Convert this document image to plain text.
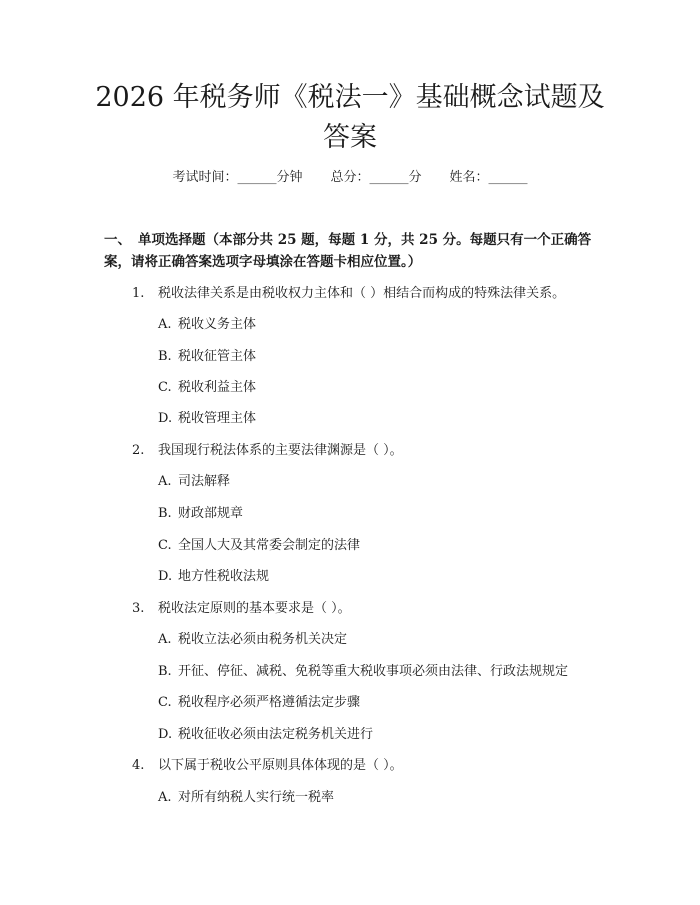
2026 年税务师《税法一》基础概念试题及答案
考试时间：______分钟 总分：______分 姓名：______

一、 单项选择题（本部分共 25 题，每题 1 分，共 25 分。每题只有一个正确答案，请将正确答案选项字母填涂在答题卡相应位置。）

1. 税收法律关系是由税收权力主体和（ ）相结合而构成的特殊法律关系。
A. 税收义务主体
B. 税收征管主体
C. 税收利益主体
D. 税收管理主体
2. 我国现行税法体系的主要法律渊源是（ ）。
A. 司法解释
B. 财政部规章
C. 全国人大及其常委会制定的法律
D. 地方性税收法规
3. 税收法定原则的基本要求是（ ）。
A. 税收立法必须由税务机关决定
B. 开征、停征、减税、免税等重大税收事项必须由法律、行政法规规定
C. 税收程序必须严格遵循法定步骤
D. 税收征收必须由法定税务机关进行
4. 以下属于税收公平原则具体体现的是（ ）。
A. 对所有纳税人实行统一税率
